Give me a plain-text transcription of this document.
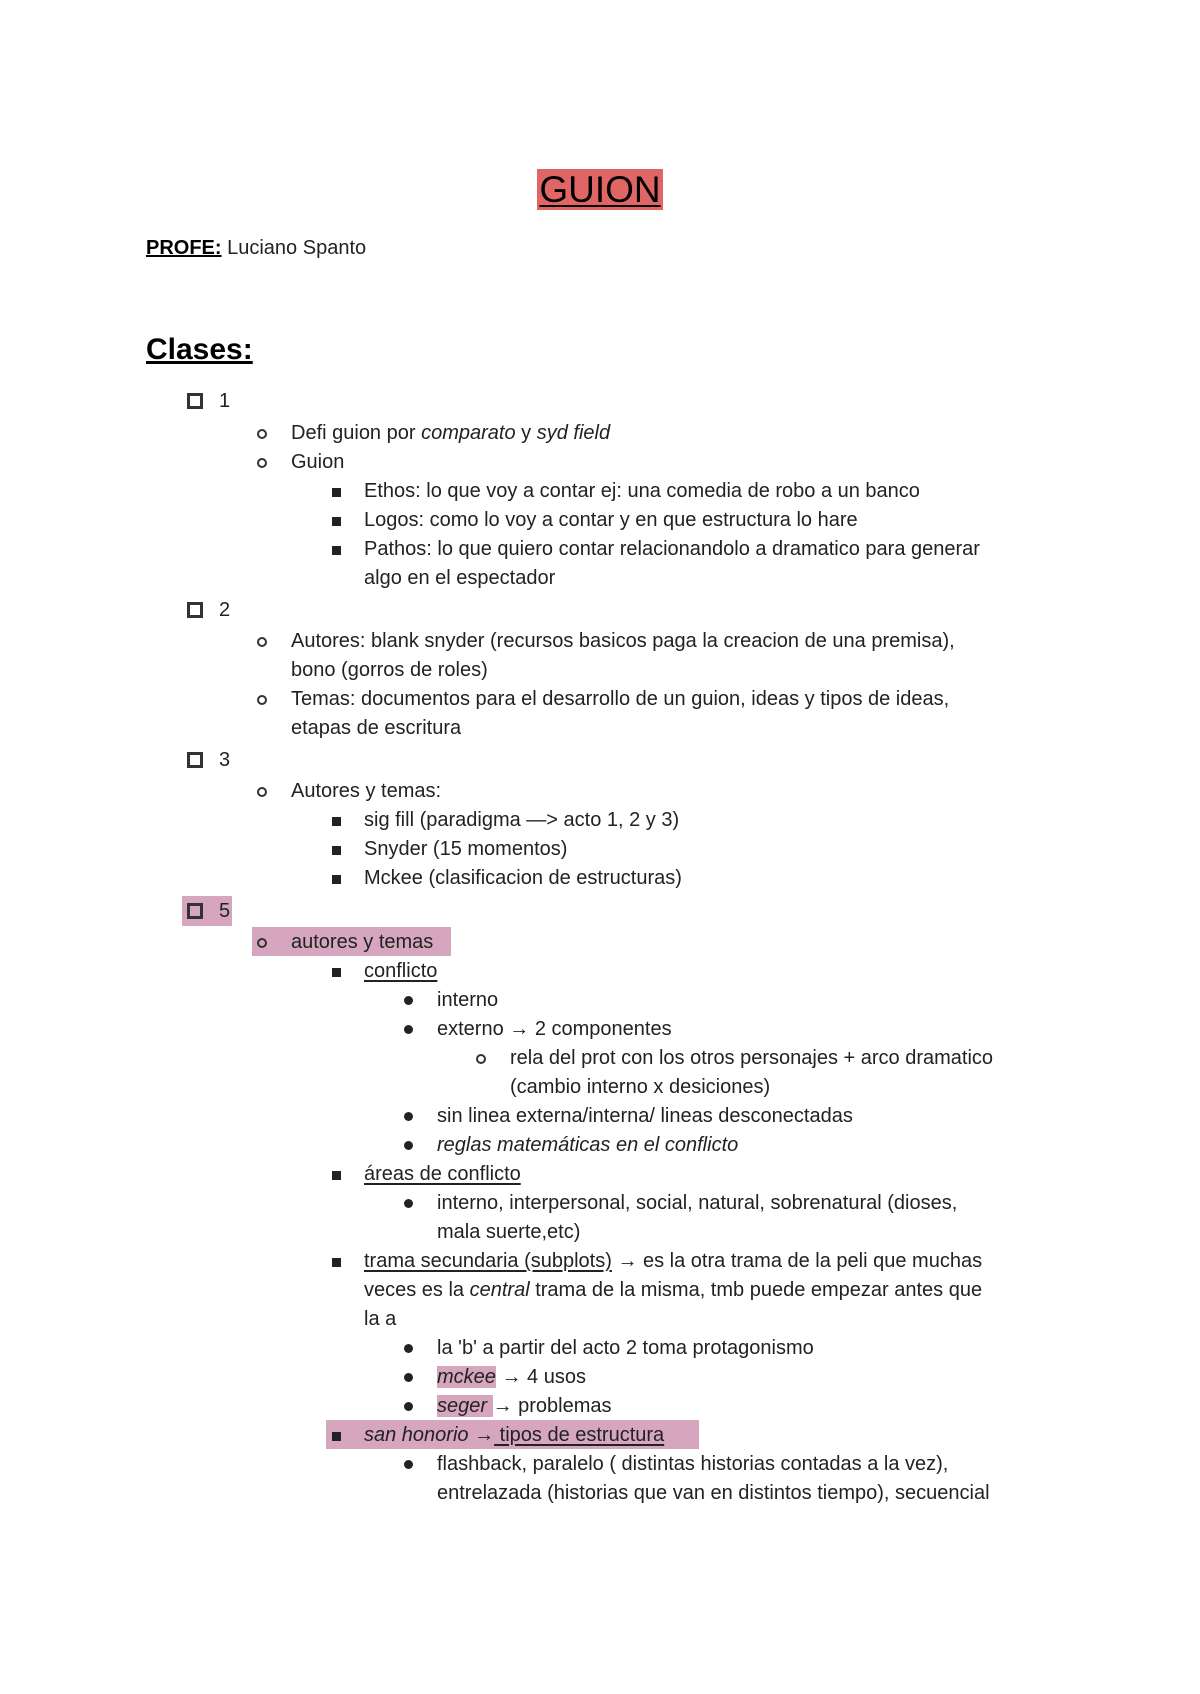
GUION
PROFE: Luciano Spanto
Clases:
1
Defi guion por comparato y syd field
Guion
Ethos: lo que voy a contar ej: una comedia de robo a un banco
Logos: como lo voy a contar y en que estructura lo hare
Pathos: lo que quiero contar relacionandolo a dramatico para generar
algo en el espectador
2
Autores: blank snyder (recursos basicos paga la creacion de una premisa),
bono (gorros de roles)
Temas: documentos para el desarrollo de un guion, ideas y tipos de ideas,
etapas de escritura
3
Autores y temas:
sig fill (paradigma —> acto 1, 2 y 3)
Snyder (15 momentos)
Mckee (clasificacion de estructuras)
5
autores y temas
conflicto
interno
externo → 2 componentes
rela del prot con los otros personajes + arco dramatico
(cambio interno x desiciones)
sin linea externa/interna/ lineas desconectadas
reglas matemáticas en el conflicto
áreas de conflicto
interno, interpersonal, social, natural, sobrenatural (dioses,
mala suerte,etc)
trama secundaria (subplots) → es la otra trama de la peli que muchas
veces es la central trama de la misma, tmb puede empezar antes que
la a
la 'b' a partir del acto 2 toma protagonismo
mckee → 4 usos
seger → problemas
san honorio → tipos de estructura
flashback, paralelo ( distintas historias contadas a la vez),
entrelazada (historias que van en distintos tiempo), secuencial
